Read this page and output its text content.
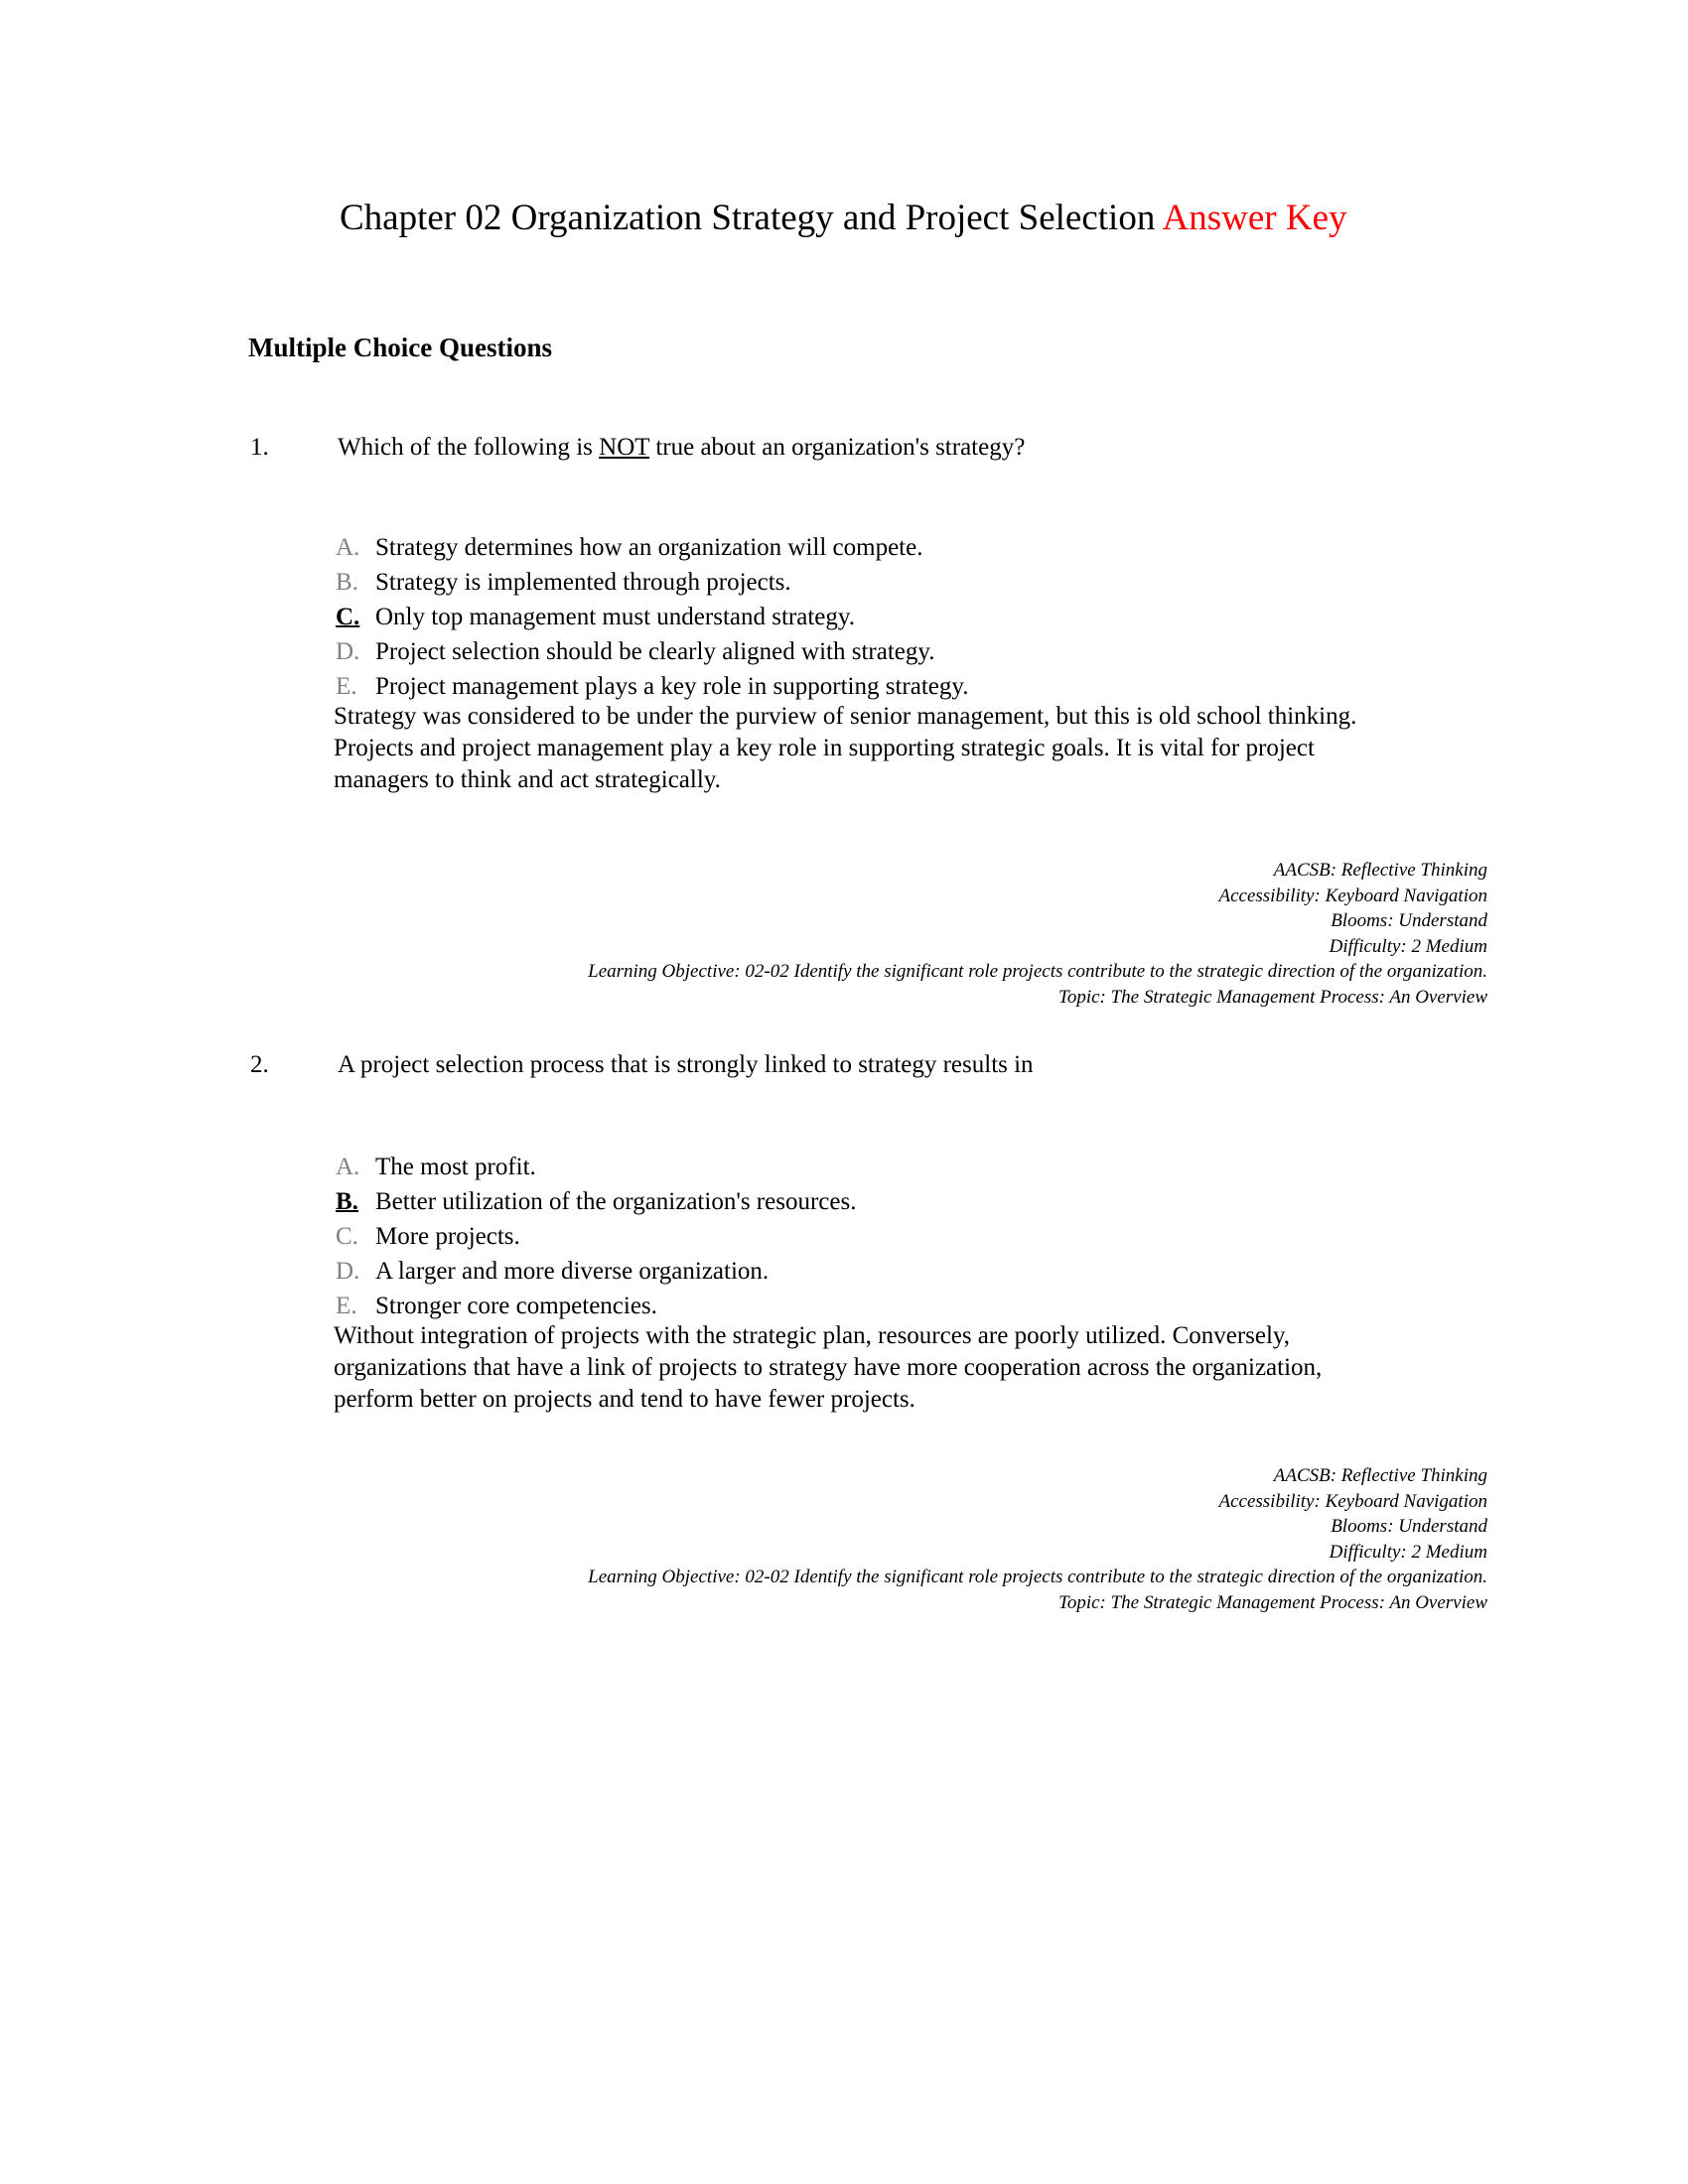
Chapter 02 Organization Strategy and Project Selection Answer Key
Multiple Choice Questions
1.	Which of the following is NOT true about an organization's strategy?
A. Strategy determines how an organization will compete.
B. Strategy is implemented through projects.
C. Only top management must understand strategy.
D. Project selection should be clearly aligned with strategy.
E. Project management plays a key role in supporting strategy.
Strategy was considered to be under the purview of senior management, but this is old school thinking.
Projects and project management play a key role in supporting strategic goals. It is vital for project
managers to think and act strategically.
AACSB: Reflective Thinking
Accessibility: Keyboard Navigation
Blooms: Understand
Difficulty: 2 Medium
Learning Objective: 02-02 Identify the significant role projects contribute to the strategic direction of the organization.
Topic: The Strategic Management Process: An Overview
2.	A project selection process that is strongly linked to strategy results in
A. The most profit.
B. Better utilization of the organization's resources.
C. More projects.
D. A larger and more diverse organization.
E. Stronger core competencies.
Without integration of projects with the strategic plan, resources are poorly utilized. Conversely,
organizations that have a link of projects to strategy have more cooperation across the organization,
perform better on projects and tend to have fewer projects.
AACSB: Reflective Thinking
Accessibility: Keyboard Navigation
Blooms: Understand
Difficulty: 2 Medium
Learning Objective: 02-02 Identify the significant role projects contribute to the strategic direction of the organization.
Topic: The Strategic Management Process: An Overview
